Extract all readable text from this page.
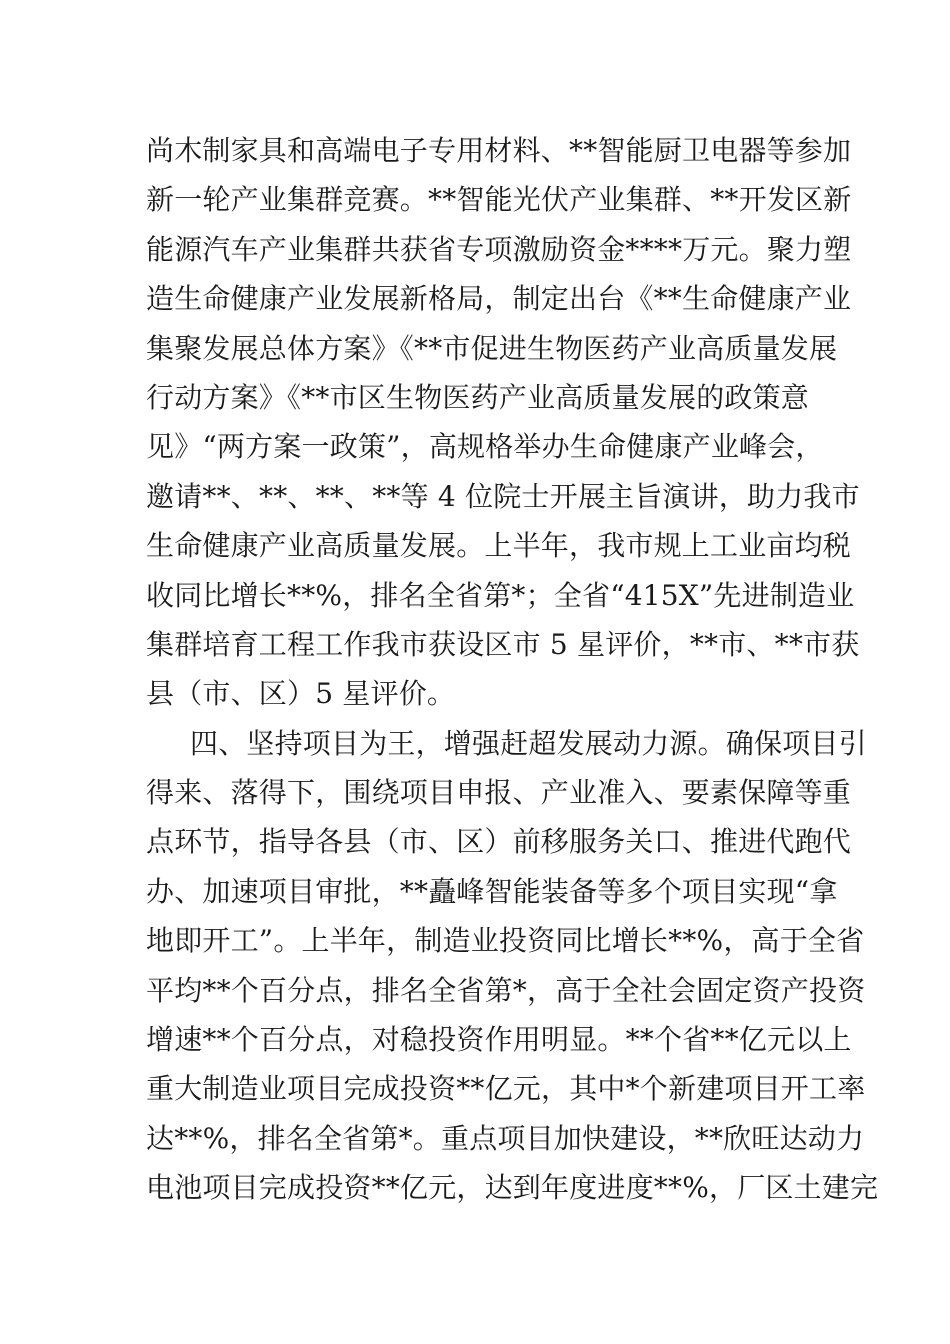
尚木制家具和高端电子专用材料、**智能厨卫电器等参加
新一轮产业集群竞赛。**智能光伏产业集群、**开发区新
能源汽车产业集群共获省专项激励资金****万元。聚力塑
造生命健康产业发展新格局，制定出台《**生命健康产业
集聚发展总体方案》《**市促进生物医药产业高质量发展
行动方案》《**市区生物医药产业高质量发展的政策意
见》“两方案一政策”，高规格举办生命健康产业峰会，
邀请**、**、**、**等 4 位院士开展主旨演讲，助力我市
生命健康产业高质量发展。上半年，我市规上工业亩均税
收同比增长**%，排名全省第*；全省“415X”先进制造业
集群培育工程工作我市获设区市 5 星评价，**市、**市获
县（市、区）5 星评价。
四、坚持项目为王，增强赶超发展动力源。确保项目引
得来、落得下，围绕项目申报、产业准入、要素保障等重
点环节，指导各县（市、区）前移服务关口、推进代跑代
办、加速项目审批，**矗峰智能装备等多个项目实现“拿
地即开工”。上半年，制造业投资同比增长**%，高于全省
平均**个百分点，排名全省第*，高于全社会固定资产投资
增速**个百分点，对稳投资作用明显。**个省**亿元以上
重大制造业项目完成投资**亿元，其中*个新建项目开工率
达**%，排名全省第*。重点项目加快建设，**欣旺达动力
电池项目完成投资**亿元，达到年度进度**%，厂区土建完
